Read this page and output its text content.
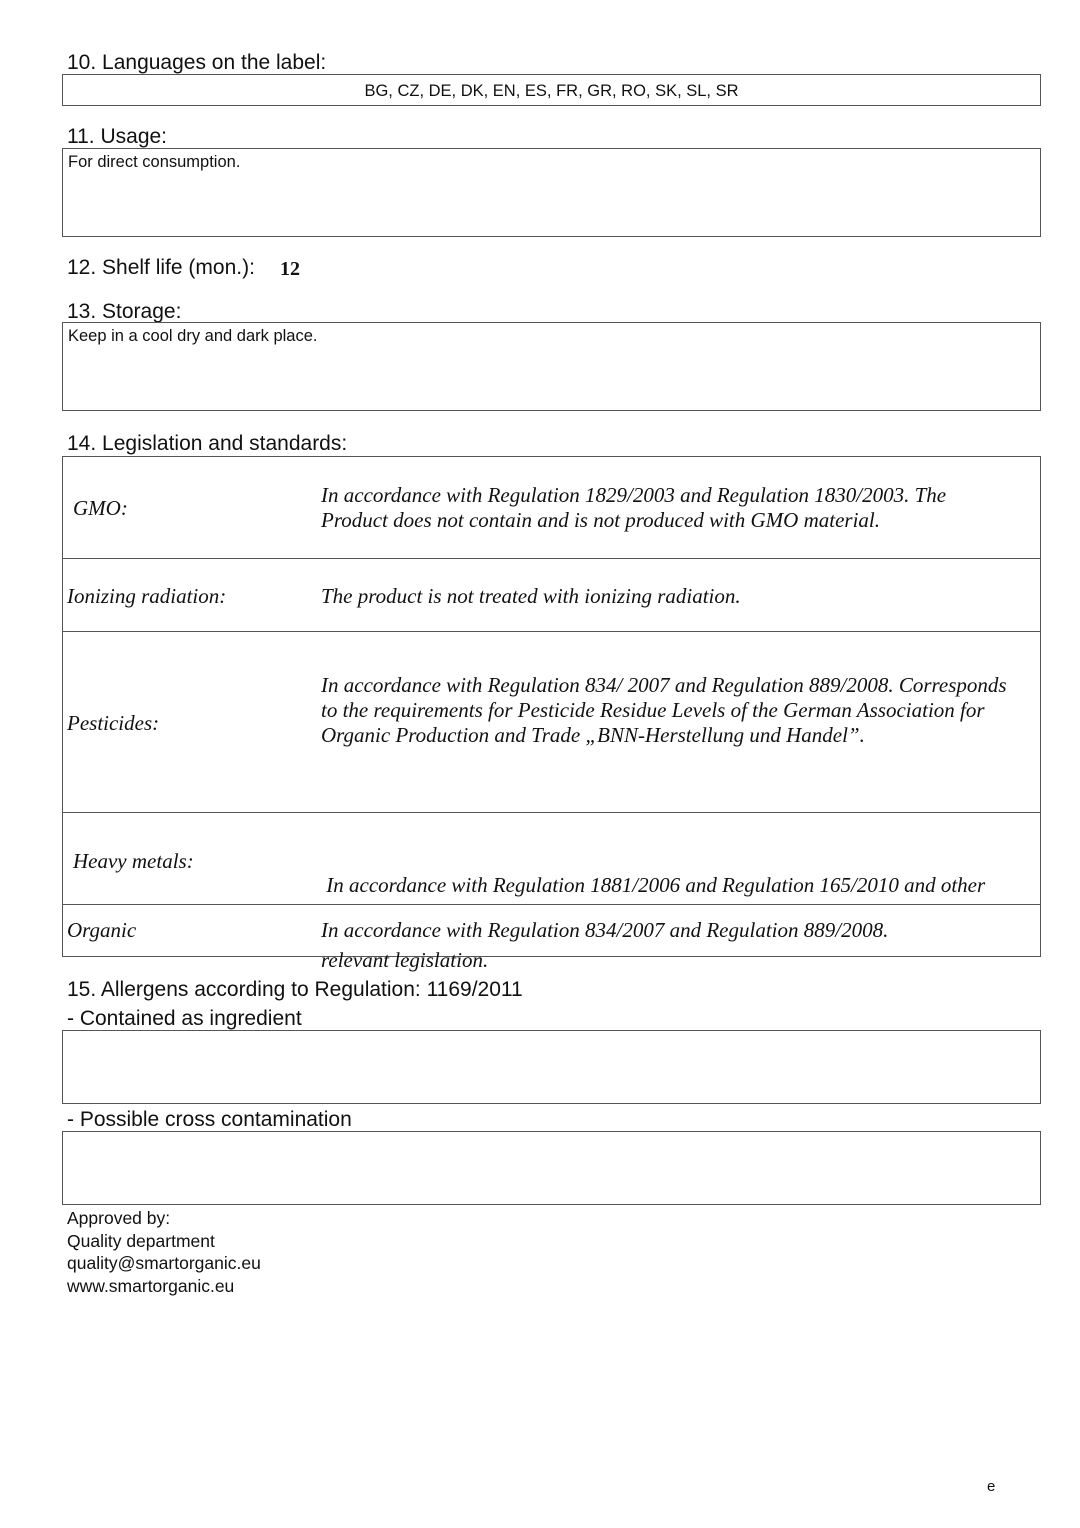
10. Languages on the label:
BG, CZ, DE, DK, EN, ES, FR, GR, RO, SK, SL, SR
11. Usage:
For direct consumption.
12. Shelf life (mon.): 12
13. Storage:
Keep in a cool dry and dark place.
14. Legislation and standards:
GMO:
In accordance with Regulation 1829/2003 and Regulation 1830/2003. The
Product does not contain and is not produced with GMO material.
Ionizing radiation:	The product is not treated with ionizing radiation.
Pesticides:
In accordance with Regulation 834/ 2007 and Regulation 889/2008. Corresponds
to the requirements for Pesticide Residue Levels of the German Association for
Organic Production and Trade „BNN-Herstellung und Handel”.
Heavy metals:

In accordance with Regulation 1881/2006 and Regulation 165/2010 and other

relevant legislation.

Organic	In accordance with Regulation 834/2007 and Regulation 889/2008.
15. Allergens according to Regulation: 1169/2011
- Contained as ingredient
- Possible cross contamination
Approved by:
Quality department
quality@smartorganic.eu
www.smartorganic.eu
e
